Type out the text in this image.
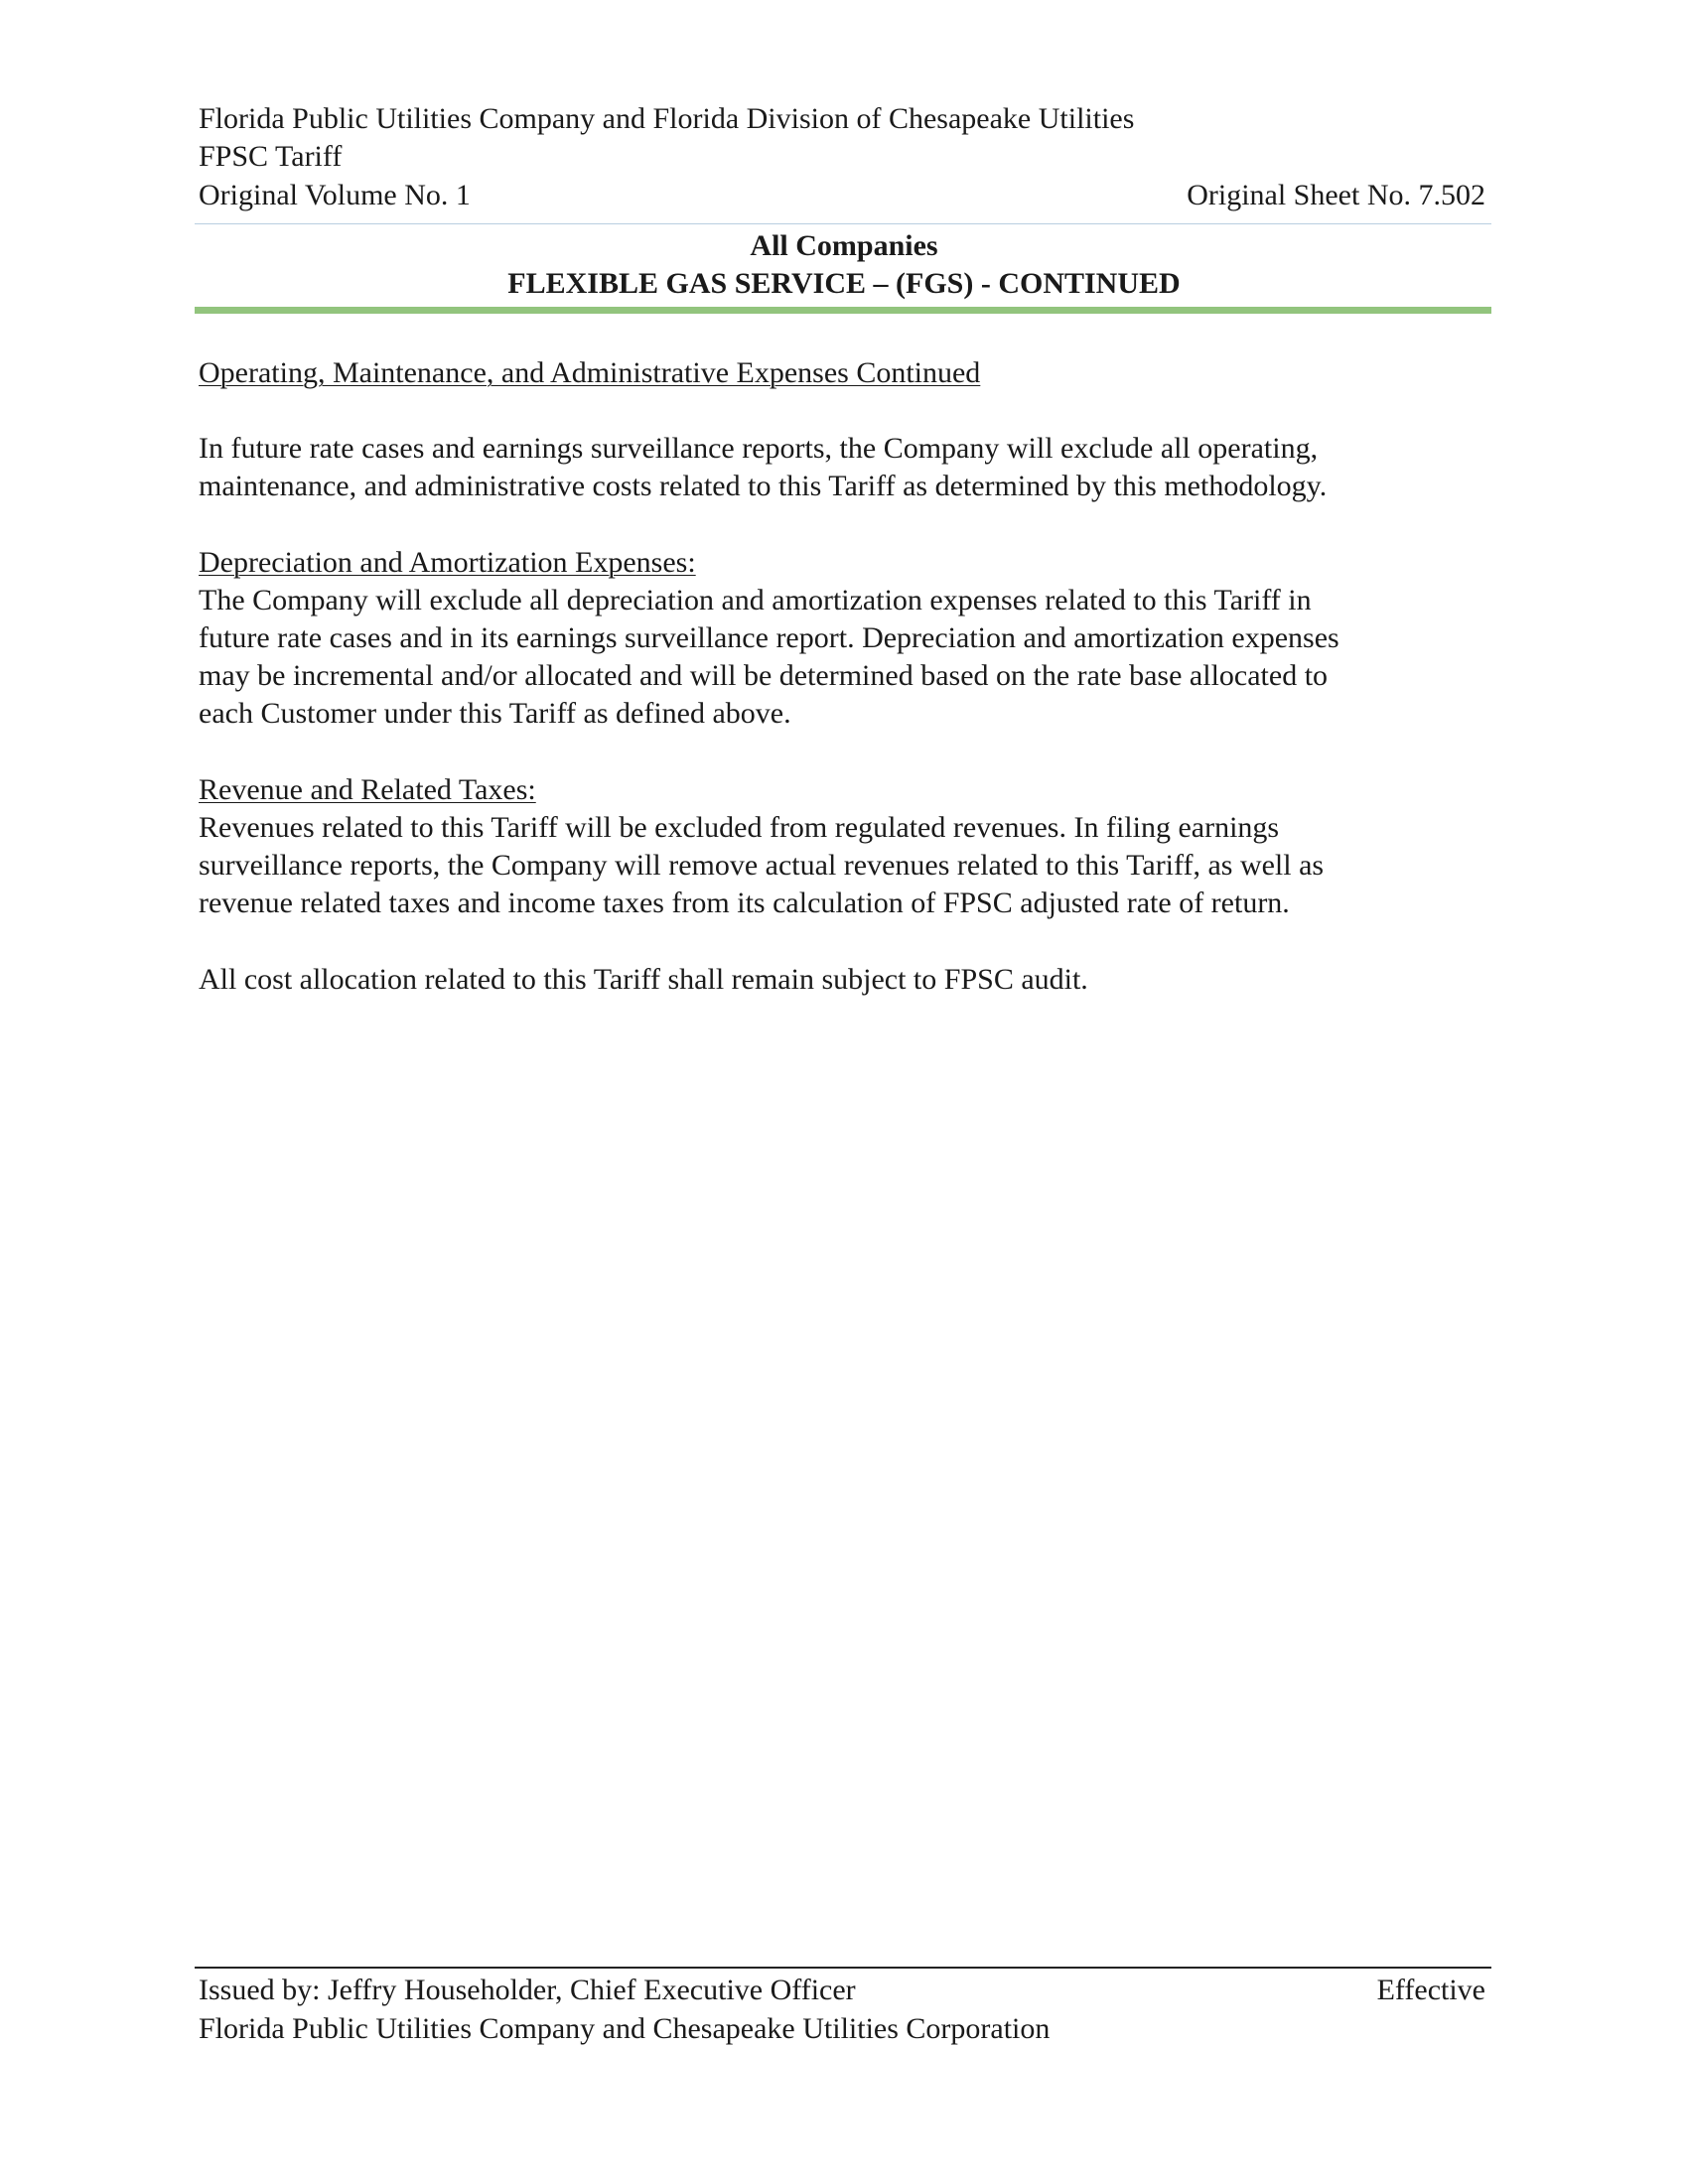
Florida Public Utilities Company and Florida Division of Chesapeake Utilities
FPSC Tariff
Original Volume No. 1	Original Sheet No. 7.502
All Companies
FLEXIBLE GAS SERVICE – (FGS) - CONTINUED
Operating, Maintenance, and Administrative Expenses Continued
In future rate cases and earnings surveillance reports, the Company will exclude all operating,
maintenance, and administrative costs related to this Tariff as determined by this methodology.
Depreciation and Amortization Expenses:
The Company will exclude all depreciation and amortization expenses related to this Tariff in
future rate cases and in its earnings surveillance report. Depreciation and amortization expenses
may be incremental and/or allocated and will be determined based on the rate base allocated to
each Customer under this Tariff as defined above.
Revenue and Related Taxes:
Revenues related to this Tariff will be excluded from regulated revenues. In filing earnings
surveillance reports, the Company will remove actual revenues related to this Tariff, as well as
revenue related taxes and income taxes from its calculation of FPSC adjusted rate of return.
All cost allocation related to this Tariff shall remain subject to FPSC audit.
Issued by: Jeffry Householder, Chief Executive Officer
Florida Public Utilities Company and Chesapeake Utilities Corporation
Effective
